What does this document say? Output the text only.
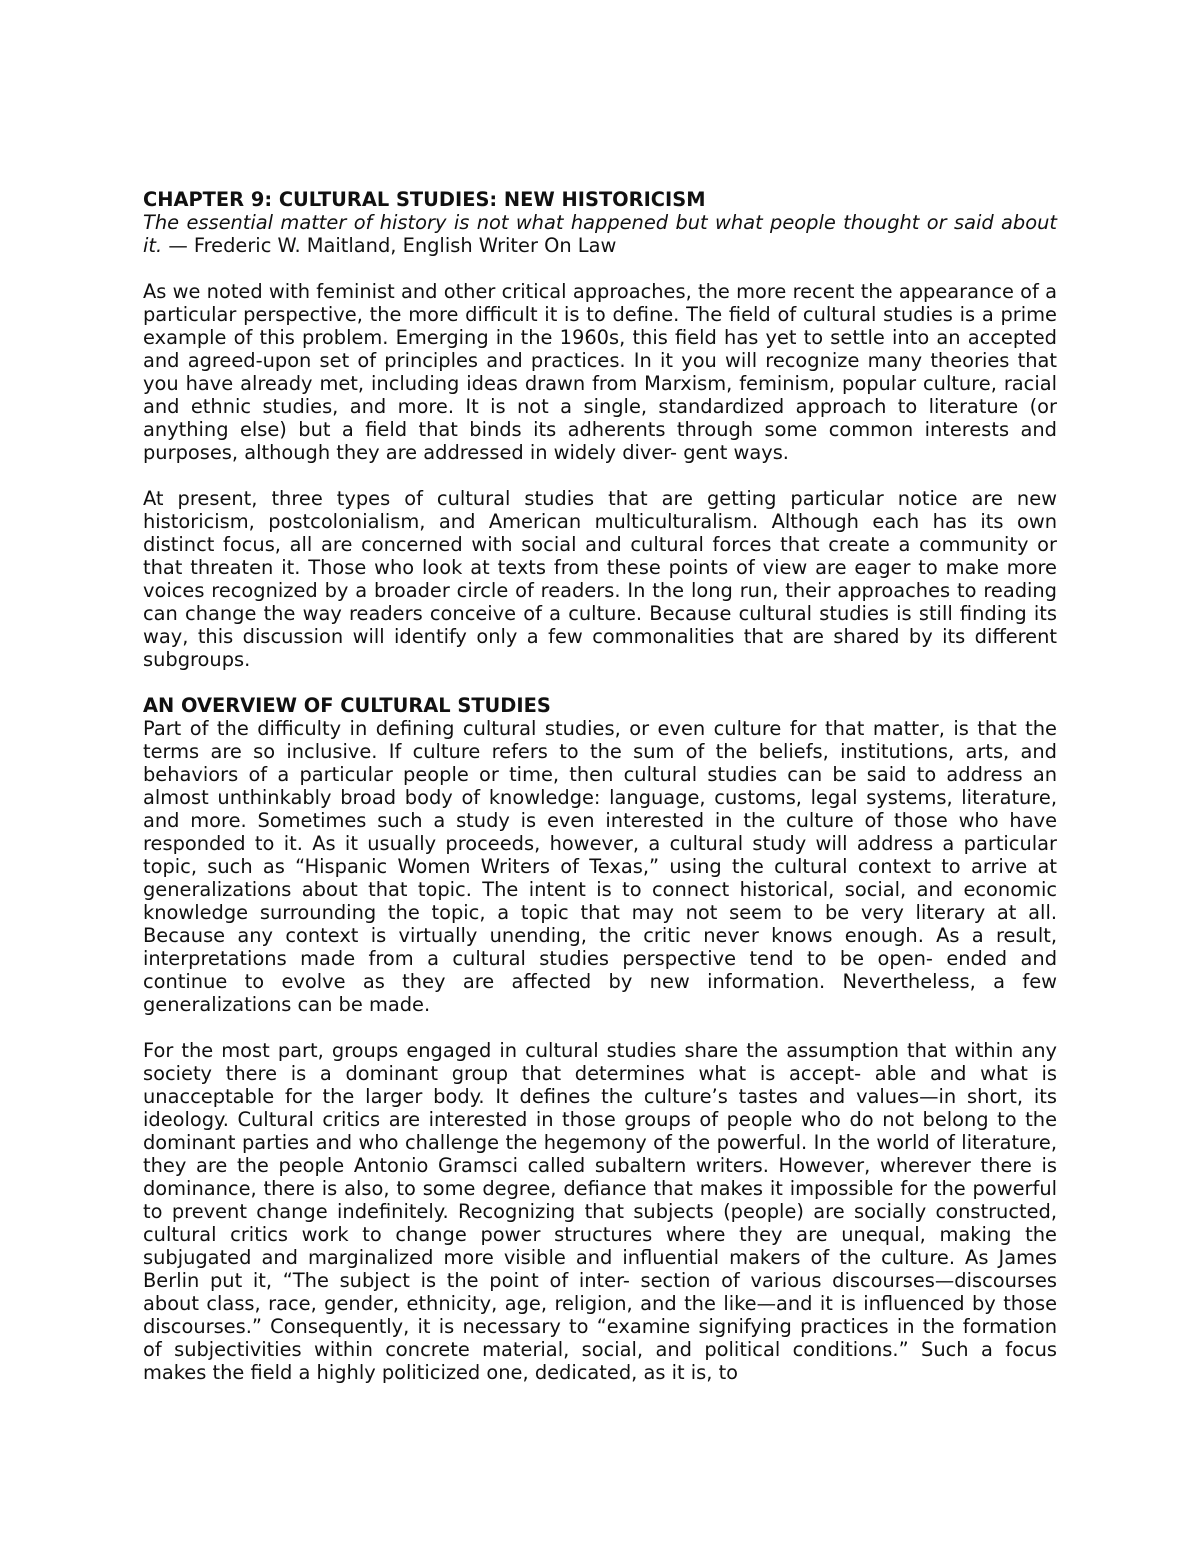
CHAPTER 9: CULTURAL STUDIES: NEW HISTORICISM

The essential matter of history is not what happened but what people thought or said about it. — Frederic W. Maitland, English Writer On Law

As we noted with feminist and other critical approaches, the more recent the appearance of a particular perspective, the more difficult it is to define. The field of cultural studies is a prime example of this problem. Emerging in the 1960s, this field has yet to settle into an accepted and agreed-upon set of principles and practices. In it you will recognize many theories that you have already met, including ideas drawn from Marxism, feminism, popular culture, racial and ethnic studies, and more. It is not a single, standardized approach to literature (or anything else) but a field that binds its adherents through some common interests and purposes, although they are addressed in widely diver- gent ways.

At present, three types of cultural studies that are getting particular notice are new historicism, postcolonialism, and American multiculturalism. Although each has its own distinct focus, all are concerned with social and cultural forces that create a community or that threaten it. Those who look at texts from these points of view are eager to make more voices recognized by a broader circle of readers. In the long run, their approaches to reading can change the way readers conceive of a culture. Because cultural studies is still finding its way, this discussion will identify only a few commonalities that are shared by its different subgroups.

AN OVERVIEW OF CULTURAL STUDIES

Part of the difficulty in defining cultural studies, or even culture for that matter, is that the terms are so inclusive. If culture refers to the sum of the beliefs, institutions, arts, and behaviors of a particular people or time, then cultural studies can be said to address an almost unthinkably broad body of knowledge: language, customs, legal systems, literature, and more. Sometimes such a study is even interested in the culture of those who have responded to it. As it usually proceeds, however, a cultural study will address a particular topic, such as “Hispanic Women Writers of Texas,” using the cultural context to arrive at generalizations about that topic. The intent is to connect historical, social, and economic knowledge surrounding the topic, a topic that may not seem to be very literary at all. Because any context is virtually unending, the critic never knows enough. As a result, interpretations made from a cultural studies perspective tend to be open- ended and continue to evolve as they are affected by new information. Nevertheless, a few generalizations can be made.

For the most part, groups engaged in cultural studies share the assumption that within any society there is a dominant group that determines what is accept- able and what is unacceptable for the larger body. It defines the culture’s tastes and values—in short, its ideology. Cultural critics are interested in those groups of people who do not belong to the dominant parties and who challenge the hegemony of the powerful. In the world of literature, they are the people Antonio Gramsci called subaltern writers. However, wherever there is dominance, there is also, to some degree, defiance that makes it impossible for the powerful to prevent change indefinitely. Recognizing that subjects (people) are socially constructed, cultural critics work to change power structures where they are unequal, making the subjugated and marginalized more visible and influential makers of the culture. As James Berlin put it, “The subject is the point of inter- section of various discourses—discourses about class, race, gender, ethnicity, age, religion, and the like—and it is influenced by those discourses.” Consequently, it is necessary to “examine signifying practices in the formation of subjectivities within concrete material, social, and political conditions.” Such a focus makes the field a highly politicized one, dedicated, as it is, to
